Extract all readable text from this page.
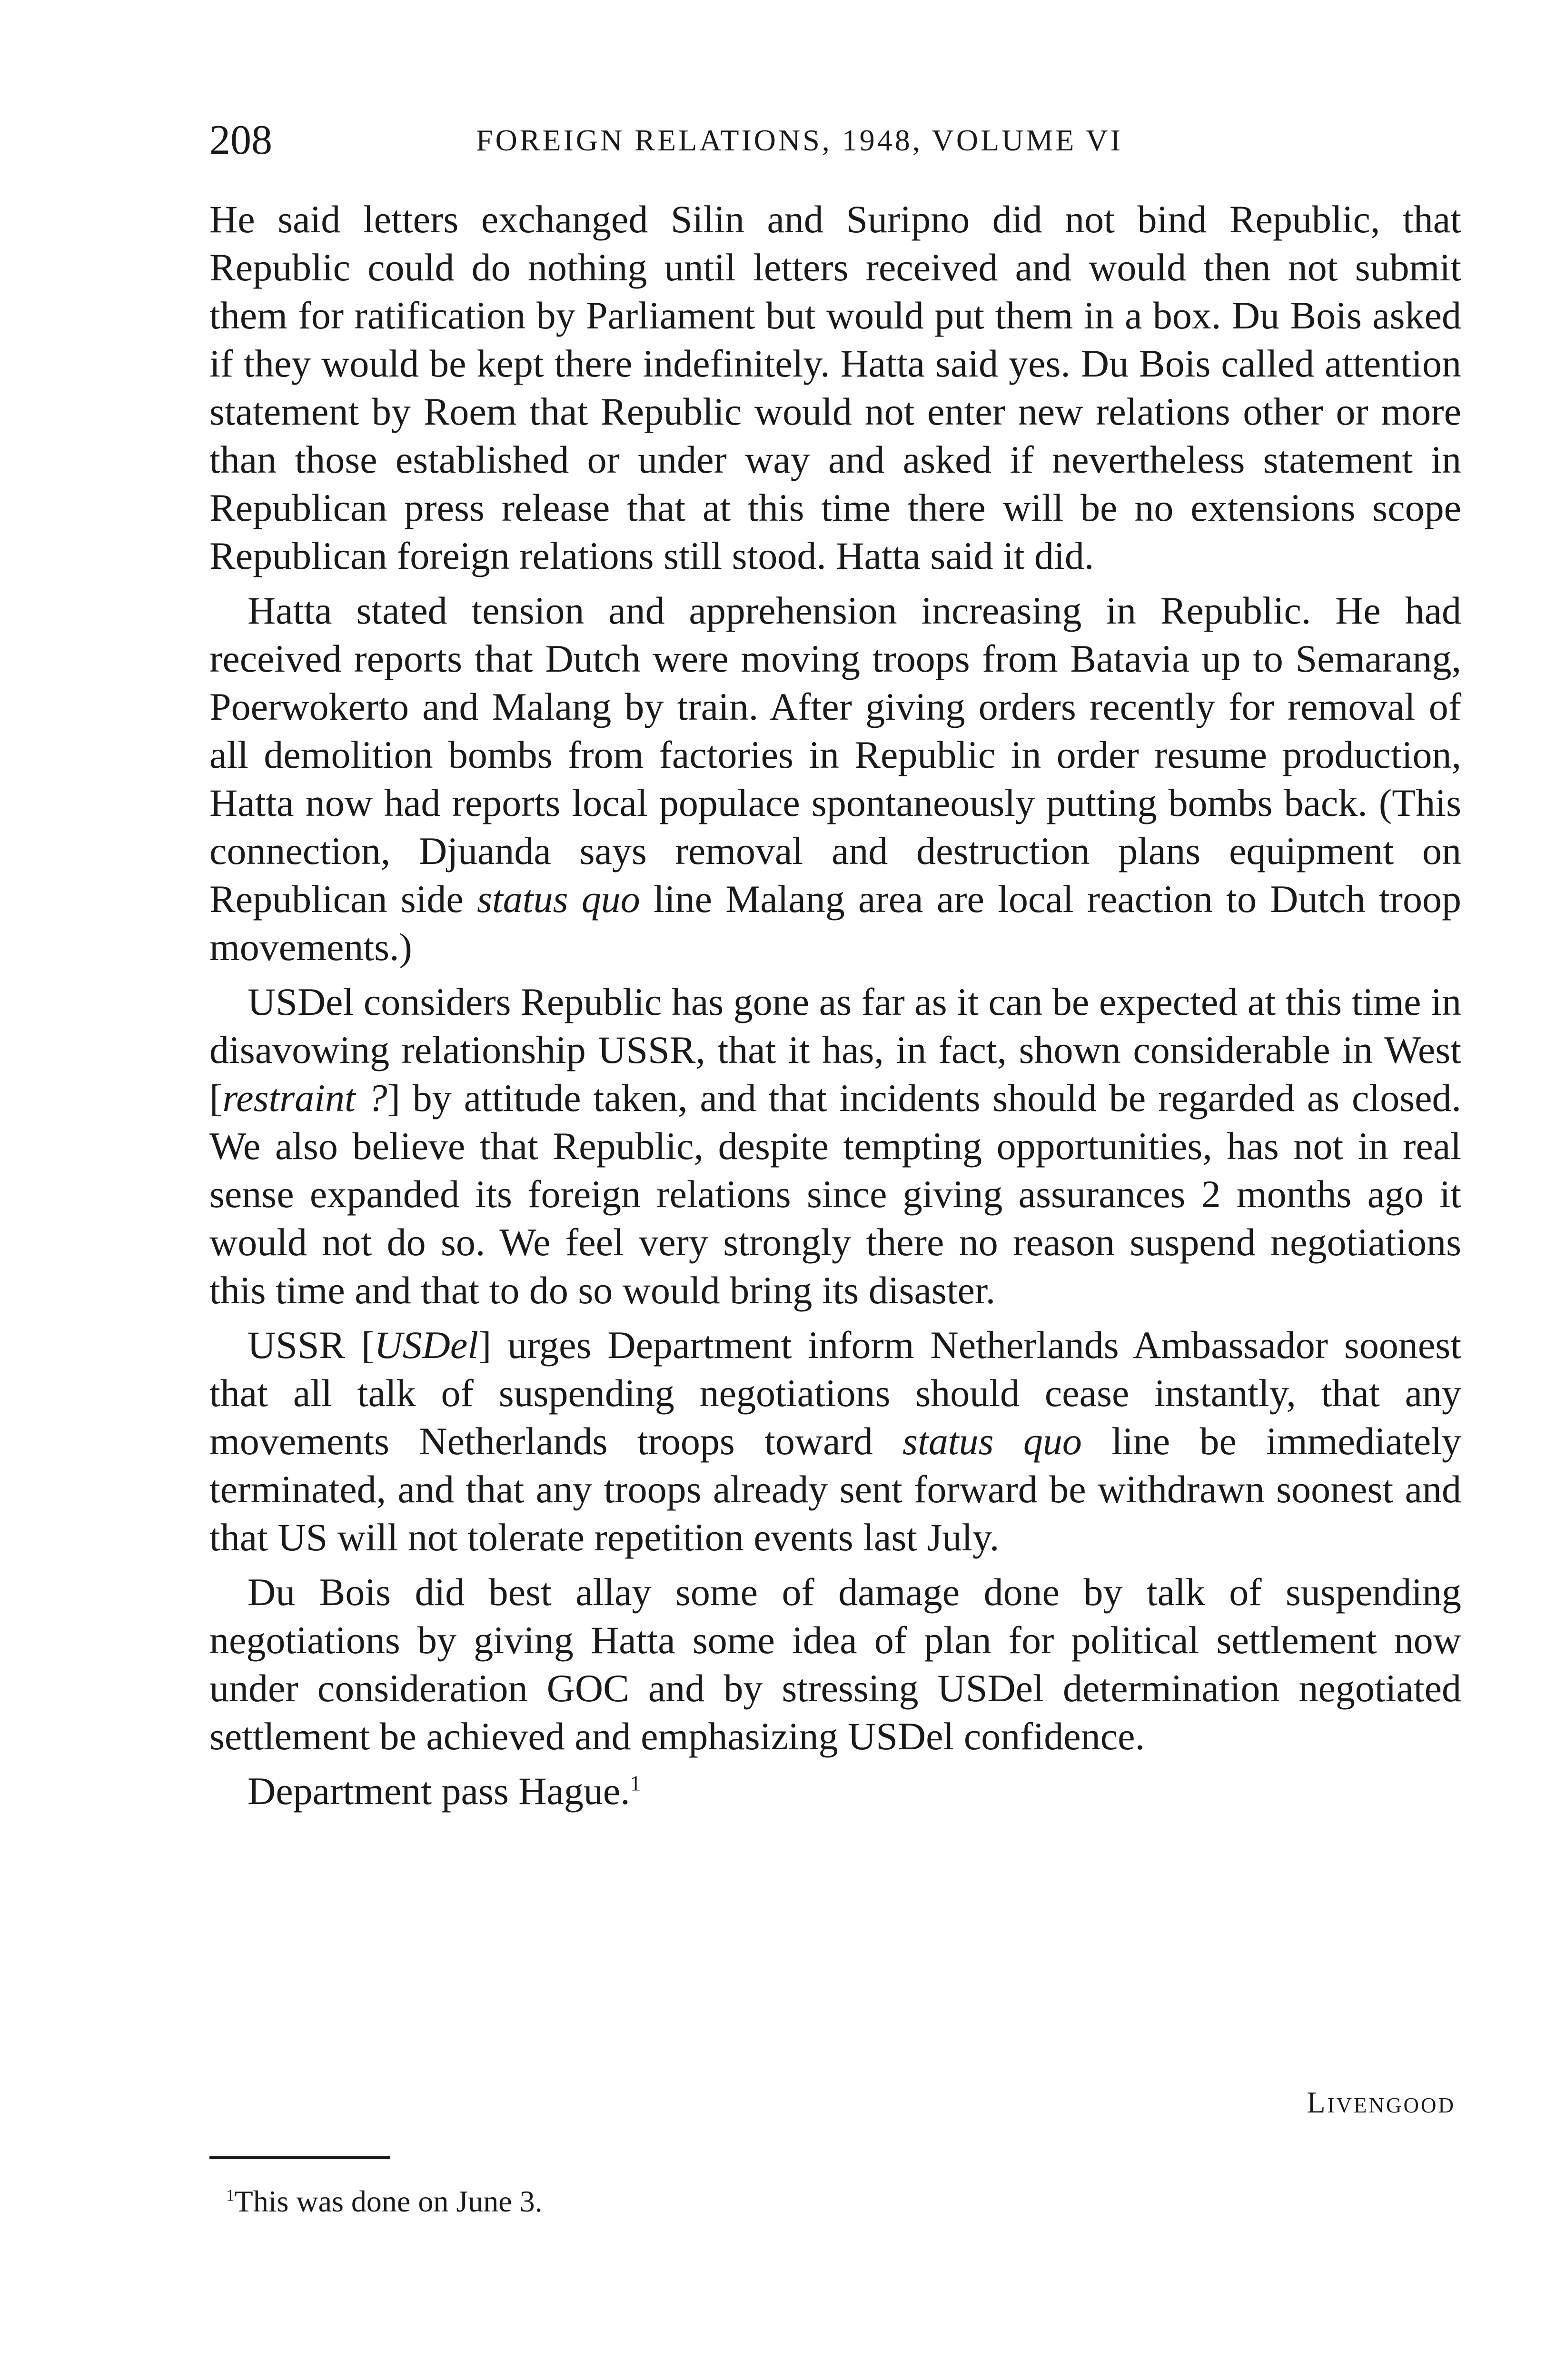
208	FOREIGN RELATIONS, 1948, VOLUME VI

He said letters exchanged Silin and Suripno did not bind Republic, that Republic could do nothing until letters received and would then not submit them for ratification by Parliament but would put them in a box. Du Bois asked if they would be kept there indefinitely. Hatta said yes. Du Bois called attention statement by Roem that Republic would not enter new relations other or more than those established or under way and asked if nevertheless statement in Republican press release that at this time there will be no extensions scope Republican foreign relations still stood. Hatta said it did.

Hatta stated tension and apprehension increasing in Republic. He had received reports that Dutch were moving troops from Batavia up to Semarang, Poerwokerto and Malang by train. After giving orders recently for removal of all demolition bombs from factories in Republic in order resume production, Hatta now had reports local populace spontaneously putting bombs back. (This connection, Djuanda says removal and destruction plans equipment on Republican side status quo line Malang area are local reaction to Dutch troop movements.)

USDel considers Republic has gone as far as it can be expected at this time in disavowing relationship USSR, that it has, in fact, shown considerable in West [restraint ?] by attitude taken, and that incidents should be regarded as closed. We also believe that Republic, despite tempting opportunities, has not in real sense expanded its foreign relations since giving assurances 2 months ago it would not do so. We feel very strongly there no reason suspend negotiations this time and that to do so would bring its disaster.

USSR [USDel] urges Department inform Netherlands Ambassador soonest that all talk of suspending negotiations should cease instantly, that any movements Netherlands troops toward status quo line be immediately terminated, and that any troops already sent forward be withdrawn soonest and that US will not tolerate repetition events last July.

Du Bois did best allay some of damage done by talk of suspending negotiations by giving Hatta some idea of plan for political settlement now under consideration GOC and by stressing USDel determination negotiated settlement be achieved and emphasizing USDel confidence.

Department pass Hague.$^1$

Livengood
$^1$This was done on June 3.
